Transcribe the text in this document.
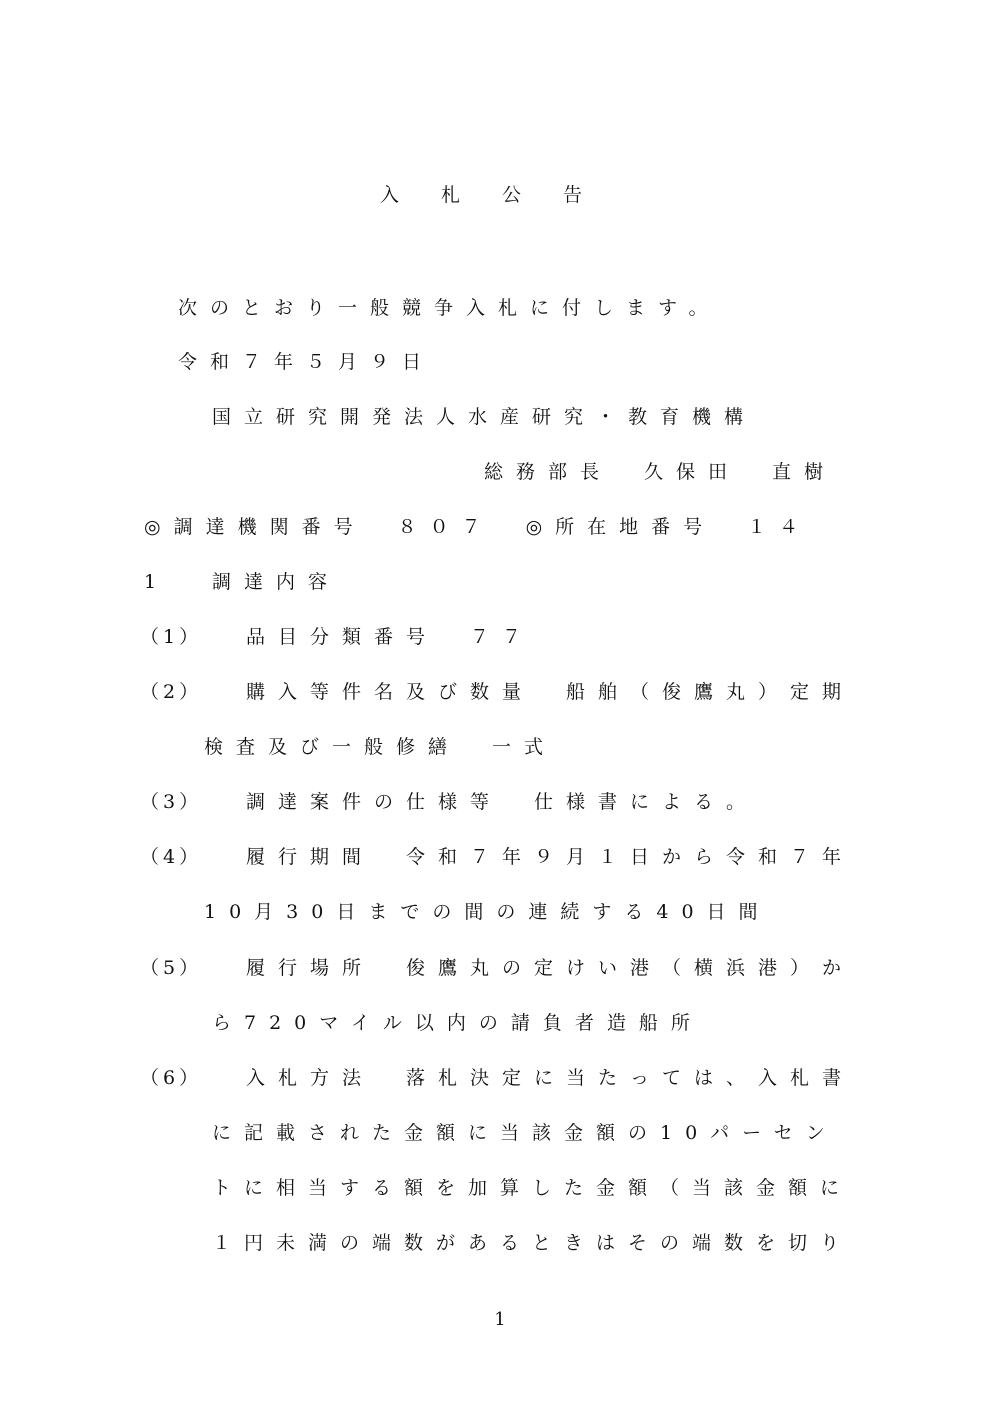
入札公告
次のとおり一般競争入札に付します。
令和７年５月９日
国立研究開発法人水産研究・教育機構
総務部長　久保田　直樹
◎調達機関番号　８０７　◎所在地番号　１４
1	調達内容
（1） 品目分類番号　７７
（2） 購入等件名及び数量　船舶（俊鷹丸）定期
検査及び一般修繕　一式
（3） 調達案件の仕様等　仕様書による。
（4） 履行期間　令和７年９月１日から令和７年
10月30日までの間の連続する40日間
（5） 履行場所　俊鷹丸の定けい港（横浜港）か
ら720マイル以内の請負者造船所
（6） 入札方法　落札決定に当たっては、入札書
に記載された金額に当該金額の10パーセン
トに相当する額を加算した金額（当該金額に
１円未満の端数があるときはその端数を切り
1
